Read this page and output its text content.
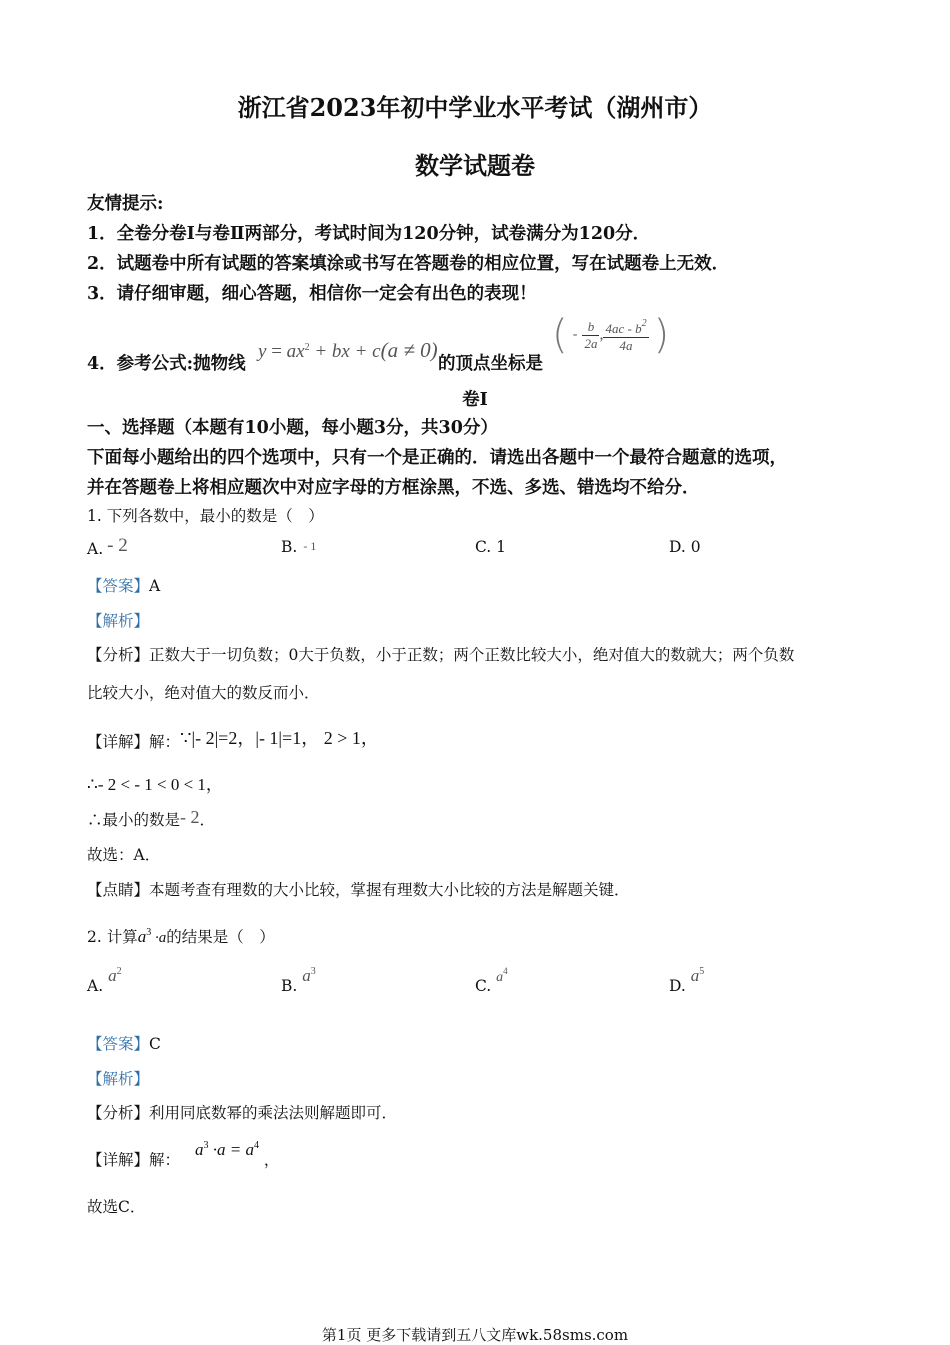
浙江省2023年初中学业水平考试（湖州市）
数学试题卷
友情提示:
1．全卷分卷Ⅰ与卷Ⅱ两部分，考试时间为120分钟，试卷满分为120分．
2．试题卷中所有试题的答案填涂或书写在答题卷的相应位置，写在试题卷上无效．
3．请仔细审题，细心答题，相信你一定会有出色的表现！
4．参考公式:抛物线
$y = ax^2$ + bx + c(a ≠ 0)
的顶点坐标是
( - $\frac{b}{2a}$ , $\frac{4ac - b^2}{4a}$ )
卷Ⅰ
一、选择题（本题有10小题，每小题3分，共30分）
下面每小题给出的四个选项中，只有一个是正确的．请选出各题中一个最符合题意的选项，
并在答题卷上将相应题次中对应字母的方框涂黑，不选、多选、错选均不给分．
1. 下列各数中，最小的数是（　）
A. - 2	B. - 1	C. 1	D. 0
【答案】A
【解析】
【分析】正数大于一切负数；0大于负数，小于正数；两个正数比较大小，绝对值大的数就大；两个负数
比较大小，绝对值大的数反而小．
【详解】解：∵|- 2|=2，|- 1|=1， 2 > 1，
∴- 2 < - 1 < 0 < 1，
∴最小的数是- 2．
故选：A．
【点睛】本题考查有理数的大小比较，掌握有理数大小比较的方法是解题关键．
2. 计算$a^3 \cdot a$的结果是（　）
A. $a^2$
B. $a^3$
C. $a^4$
D. $a^5$
【答案】C
【解析】
【分析】利用同底数幂的乘法法则解题即可．
【详解】解： $a^3 \cdot a = a^4$ ，
故选C．
第1页 更多下载请到五八文库wk.58sms.com
